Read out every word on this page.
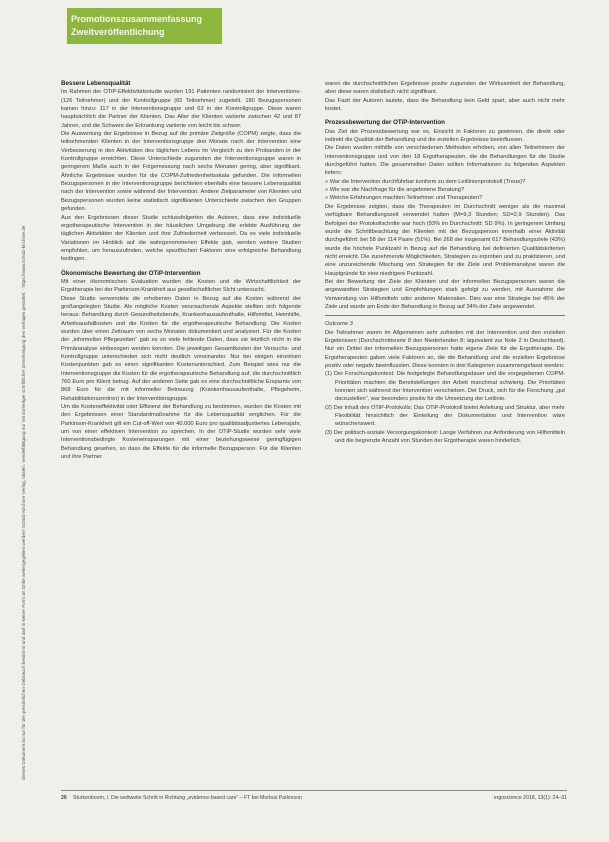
Dieses Dokument ist nur für den persönlichen Gebrauch bestimmt und darf in keiner Form an Dritte weitergegeben werden! Schulz-Kirchner Verlag, Idstein. Vervielfältigung nur mit vorheriger schriftlicher Genehmigung des Verlages gestattet. · https://www.schulz-kirchner.de
Promotionszusammenfassung
Zweitveröffentlichung
Bessere Lebensqualität

Im Rahmen der OTiP-Effektivitätsstudie wurden 191 Patienten randomisiert der Interventions- (126 Teilnehmer) und der Kontrollgruppe (65 Teilnehmer) zugeteilt. 180 Bezugspersonen kamen hinzu: 117 in der Interventionsgruppe und 63 in der Kontrollgruppe. Diese waren hauptsächlich die Partner der Klienten. Das Alter der Klienten variierte zwischen 42 und 87 Jahren, und die Schwere der Erkrankung variierte von leicht bis schwer.

Die Auswertung der Ergebnisse in Bezug auf die primäre Zielgröße (COPM) zeigte, dass die teilnehmenden Klienten in der Interventionsgruppe drei Monate nach der Intervention eine Verbesserung in den Aktivitäten des täglichen Lebens im Vergleich zu den Probanden in der Kontrollgruppe erreichten. Diese Unterschiede zugunsten der Interventionsgruppe waren in geringerem Maße auch in der Folgemessung nach sechs Monaten gering, aber signifikant. Ähnliche Ergebnisse wurden für die COPM-Zufriedenheitsskala gefunden. Die informellen Bezugspersonen in der Interventionsgruppe berichteten ebenfalls eine bessere Lebensqualität nach der Intervention sowie während der Intervention. Andere Zielparameter von Klienten und Bezugspersonen wurden keine statistisch signifikanten Unterschiede zwischen den Gruppen gefunden.

Aus den Ergebnissen dieser Studie schlussfolgerten die Autoren, dass eine individuelle ergotherapeutische Intervention in der häuslichen Umgebung die erlebte Ausführung der täglichen Aktivitäten der Klienten und ihre Zufriedenheit verbessert. Da es viele individuelle Variationen im Hinblick auf die wahrgenommenen Effekte gab, werden weitere Studien empfohlen, um herauszufinden, welche spezifischen Faktoren eine erfolgreiche Behandlung bedingen.

Ökonomische Bewertung der OTiP-Intervention

Mit einer ökonomischen Evaluation wurden die Kosten und die Wirtschaftlichkeit der Ergotherapie bei der Parkinson-Krankheit aus gesellschaftlicher Sicht untersucht.

Diese Studie verwendete die erhobenen Daten in Bezug auf die Kosten während der großangelegten Studie. Als mögliche Kosten verursachende Aspekte stellten sich folgende heraus: Behandlung durch Gesundheitsberufe, Krankenhausaufenthalte, Hilfsmittel, Heimhilfe, Arbeitsausfallkosten und die Kosten für die ergotherapeutische Behandlung. Die Kosten wurden über einen Zeitraum von sechs Monaten dokumentiert und analysiert. Für die Kosten der „informellen Pflegezeiten“ gab es so viele fehlende Daten, dass sie letztlich nicht in die Primäranalyse einbezogen werden konnten. Die jeweiligen Gesamtkosten der Versuchs- und Kontrollgruppe unterschieden sich nicht deutlich voneinander. Nur bei einigen einzelnen Kostenpunkten gab es einen signifikanten Kostenunterschied. Zum Beispiel wies nur die Interventionsgruppe die Kosten für die ergotherapeutische Behandlung auf, die durchschnittlich 760 Euro pro Klient betrug. Auf der anderen Seite gab es eine durchschnittliche Ersparnis von 868 Euro für die mit informeller Betreuung (Krankenhausaufenthalte, Pflegeheim, Rehabilitationszentren) in der Interventionsgruppe.

Um die Kosteneffektivität oder Effizienz der Behandlung zu bestimmen, wurden die Kosten mit den Ergebnissen einer Standardmaßnahme für die Lebensqualität verglichen. Für die Parkinson-Krankheit gilt ein Cut-off-Wert von 40.000 Euro pro qualitätsadjustiertes Lebensjahr, um von einer effektiven Intervention zu sprechen. In der OTiP-Studie wurden sehr viele Interventionsbedingte Kosteneinsparungen mit einer beziehungsweise geringfügigen Behandlung gesehen, so dass die Effekte für die informelle Bezugsperson. Für die Klienten und ihre Partner

waren die durchschnittlichen Ergebnisse positiv zugunsten der Wirksamkeit der Behandlung, aber diese waren statistisch nicht signifikant.

Das Fazit der Autoren lautete, dass die Behandlung kein Geld spart, aber auch nicht mehr kostet.

Prozessbewertung der OTiP-Intervention

Das Ziel der Prozessbewertung war es, Einsicht in Faktoren zu gewinnen, die direkt oder indirekt die Qualität der Behandlung und die erzielten Ergebnisse beeinflussen.

Die Daten wurden mithilfe von verschiedenen Methoden erhoben, von allen Teilnehmern der Interventionsgruppe und von den 18 Ergotherapeuten, die die Behandlungen für die Studie durchgeführt hatten. Die gesammelten Daten sollten Informationen zu folgenden Aspekten liefern:

» War die Intervention durchführbar konform zu dem Leitlinienprotokoll (Treue)?

» Wie war die Nachfrage für die angebotene Beratung?

» Welche Erfahrungen machten Teilnehmer und Therapeuten?

Die Ergebnisse zeigten, dass die Therapeuten im Durchschnitt weniger als die maximal verfügbare Behandlungszeit verwendet hatten (M=9,3 Stunden; SD=2,9 Stunden). Das Befolgen der Protokollschritte war hoch (93% im Durchschnitt; SD 9%). In geringerem Umfang wurde die Schrittbeachtung der Klienten mit der Bezugsperson innerhalb einer Aktivität durchgeführt: bei 58 der 114 Paare (51%). Bei 268 der insgesamt 617 Behandlungsziele (43%) wurde die höchste Punktzahl in Bezug auf die Behandlung bei definierten Qualitätskriterien nicht erreicht. Die zunehmende Möglichkeiten, Strategien zu erproben und zu praktizieren, und eine unzureichende Mischung von Strategien für die Ziele und Problemanalyse waren die Hauptgründe für eine niedrigere Punktzahl.

Bei der Bewertung der Ziele der Klienten und der informellen Bezugspersonen waren die angewandten Strategien und Empfehlungen stark gefolgt zu werden, mit Ausnahme der Verwendung von Hilfsmitteln oder anderen Materialien. Dies war eine Strategie bei 45% der Ziele und wurde am Ende der Behandlung in Bezug auf 34% der Ziele angewendet.

Outcome 3

Die Teilnehmer waren im Allgemeinen sehr zufrieden mit der Intervention und den erzielten Ergebnissen (Durchschnittsnote 8 den Niederlanden 8; äquivalent zur Note 2 in Deutschland). Nur ein Drittel der informellen Bezugspersonen hatte eigene Ziele für die Ergotherapie. Die Ergotherapeuten gaben viele Faktoren an, die die Behandlung und die erzielten Ergebnisse positiv oder negativ beeinflussten. Diese konnten in drei Kategorien zusammengefasst werden:

(1) Der Forschungskontext: Die festgelegte Behandlungsdauer und die vorgegebenen COPM-Prioritäten machten die Bereitstellungen der Arbeit manchmal schwierig. Die Prioritäten konnten sich während der Intervention verschieben. Der Druck, sich für die Forschung „gut darzustellen“, war besonders positiv für die Umsetzung der Leitlinie.

(2) Der Inhalt des OTiP-Protokolls: Das OTiP-Protokoll bietet Anleitung und Struktur, aber mehr Flexibilität hinsichtlich der Einteilung der Dokumentation und Intervention wäre wünschenswert.

(3) Der politisch-soziale Versorgungskontext: Lange Verfahren zur Anforderung von Hilfsmitteln und die begrenzte Anzahl von Stunden der Ergotherapie waren hinderlich.

26 Sturkenboom, I. Die weltweite Schritt in Richtung „evidence-based care“ – FT bei Morbus Parkinson	ergoscience 2018, 13(1): 24–31
